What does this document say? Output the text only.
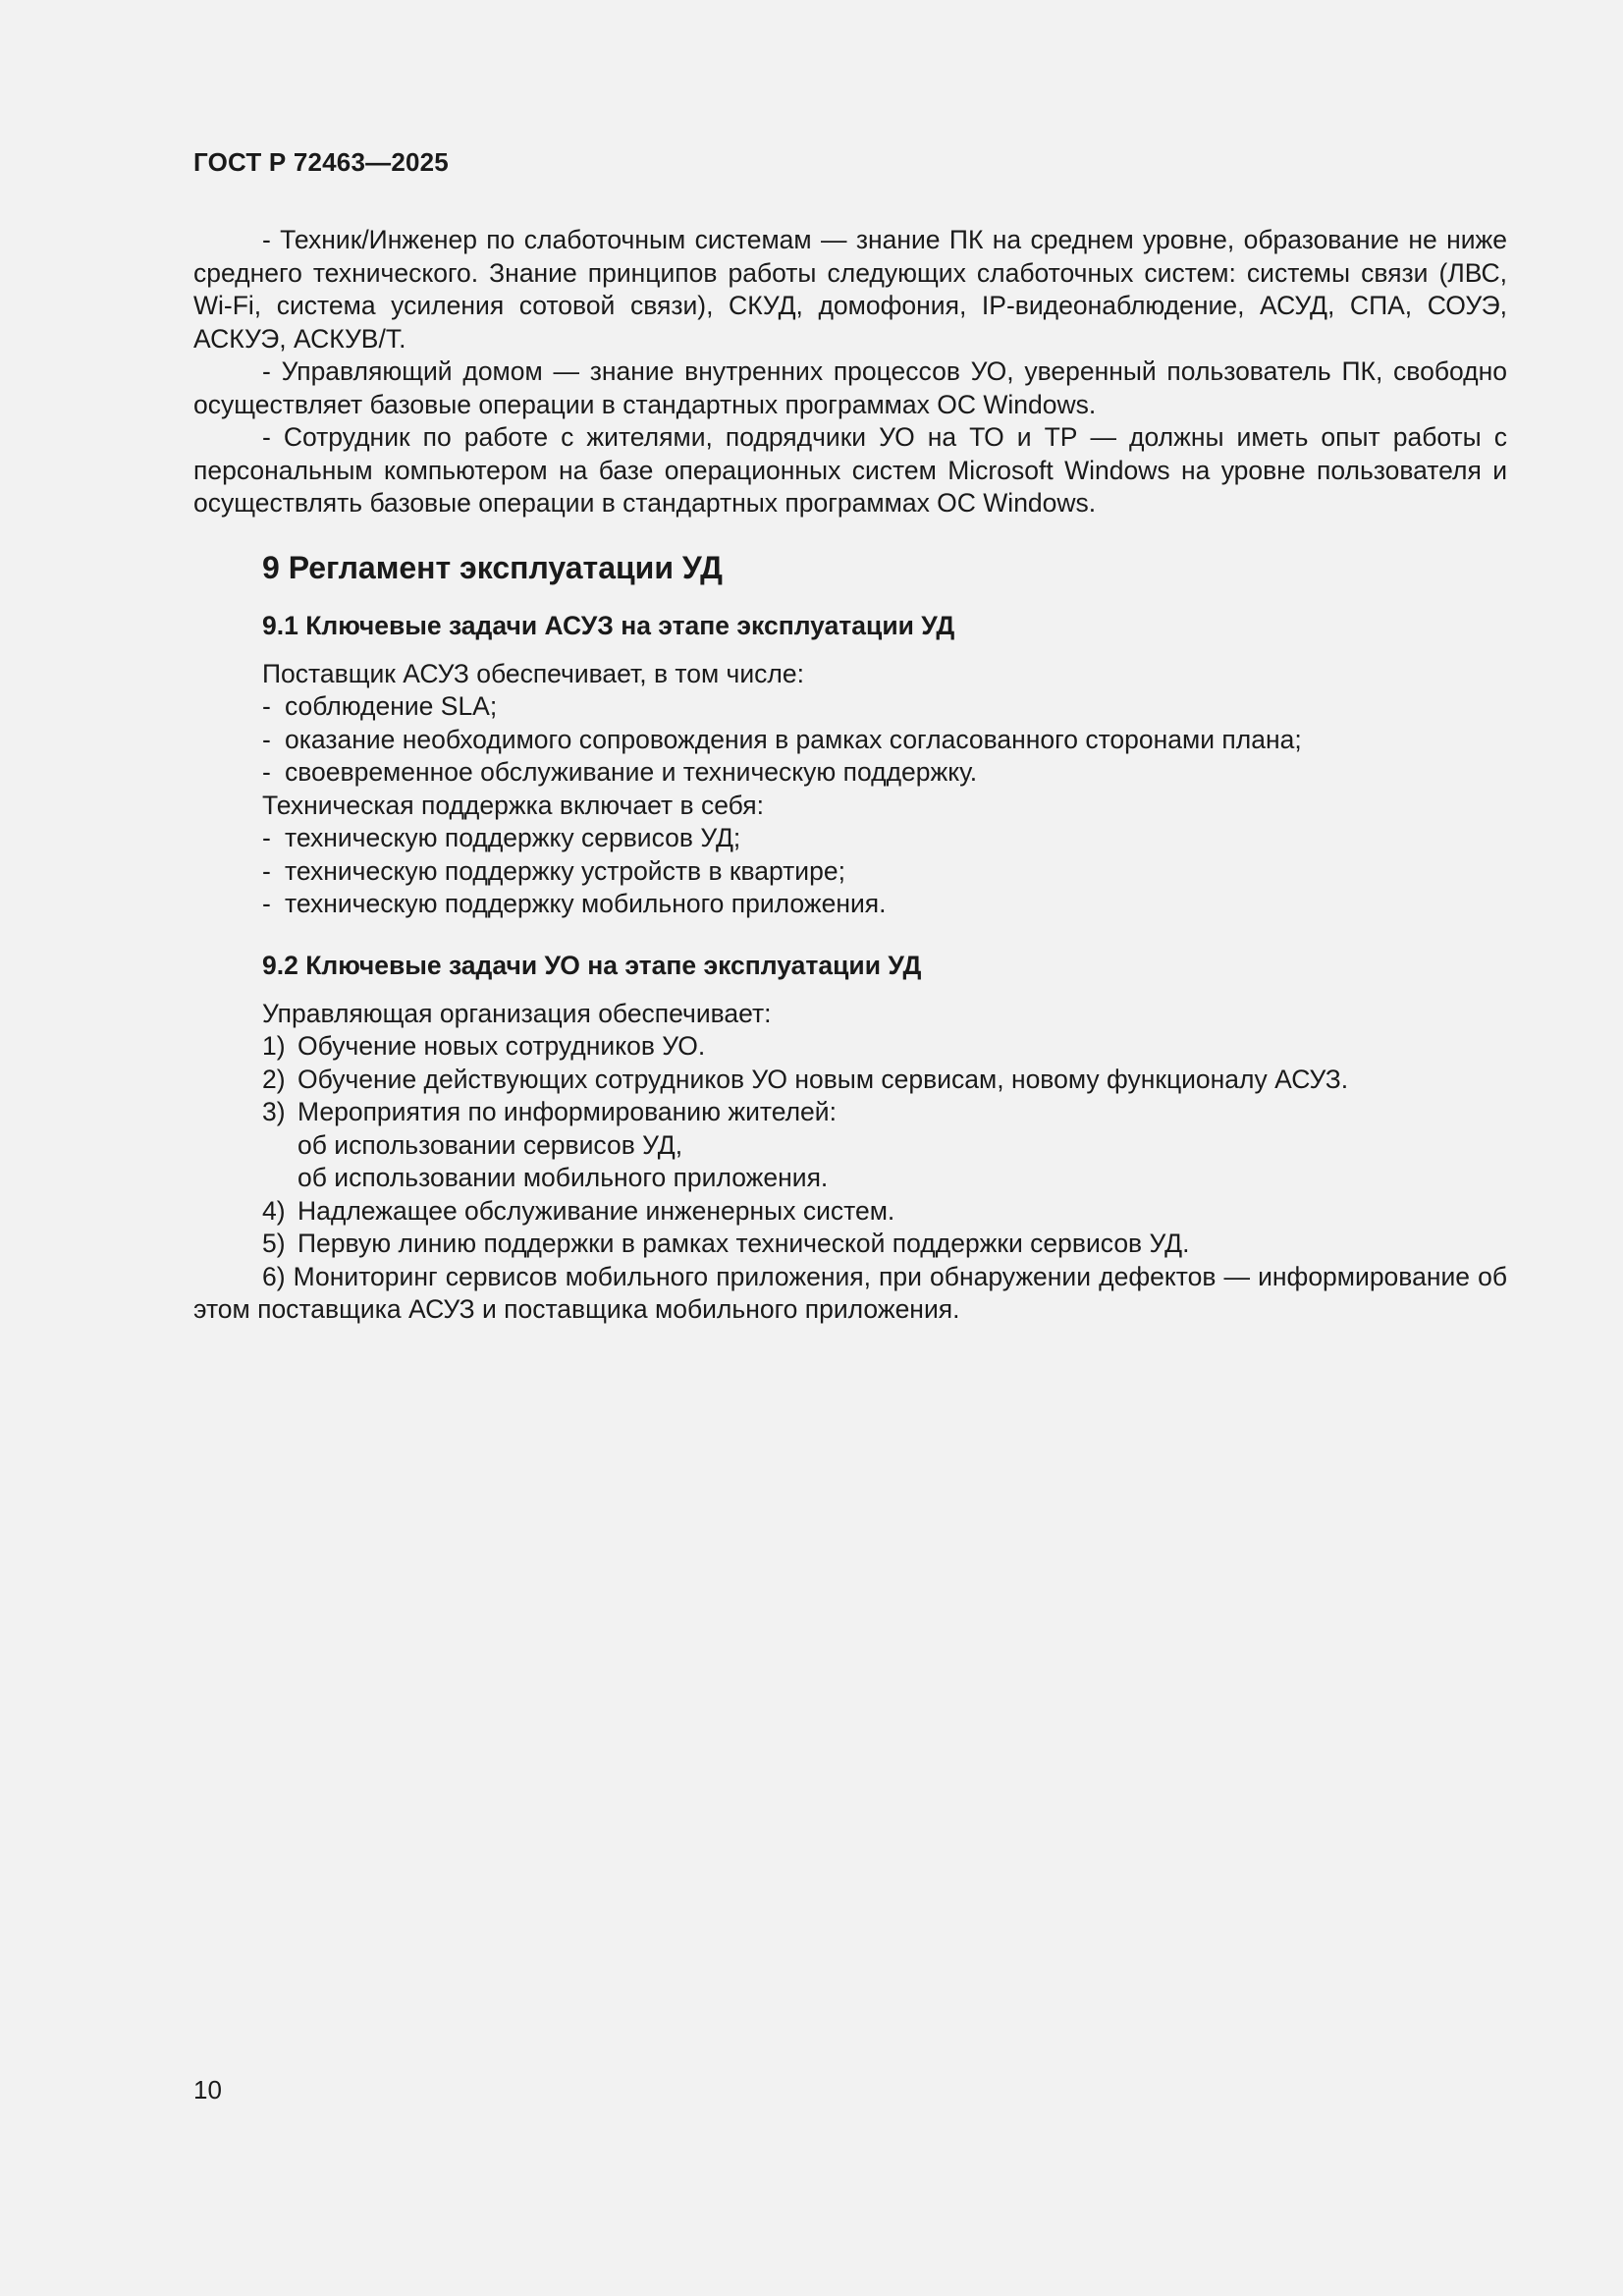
ГОСТ Р 72463—2025

- Техник/Инженер по слаботочным системам — знание ПК на среднем уровне, образование не ниже среднего технического. Знание принципов работы следующих слаботочных систем: системы связи (ЛВС, Wi-Fi, система усиления сотовой связи), СКУД, домофония, IP-видеонаблюдение, АСУД, СПА, СОУЭ, АСКУЭ, АСКУВ/Т.

- Управляющий домом — знание внутренних процессов УО, уверенный пользователь ПК, свободно осуществляет базовые операции в стандартных программах ОС Windows.

- Сотрудник по работе с жителями, подрядчики УО на ТО и ТР — должны иметь опыт работы с персональным компьютером на базе операционных систем Microsoft Windows на уровне пользователя и осуществлять базовые операции в стандартных программах ОС Windows.

9 Регламент эксплуатации УД
9.1 Ключевые задачи АСУЗ на этапе эксплуатации УД

Поставщик АСУЗ обеспечивает, в том числе:

- соблюдение SLA;
- оказание необходимого сопровождения в рамках согласованного сторонами плана;
- своевременное обслуживание и техническую поддержку.

Техническая поддержка включает в себя:

- техническую поддержку сервисов УД;
- техническую поддержку устройств в квартире;
- техническую поддержку мобильного приложения.
9.2 Ключевые задачи УО на этапе эксплуатации УД

Управляющая организация обеспечивает:

1) Обучение новых сотрудников УО.
2) Обучение действующих сотрудников УО новым сервисам, новому функционалу АСУЗ.
3) Мероприятия по информированию жителей:

об использовании сервисов УД,

об использовании мобильного приложения.

4) Надлежащее обслуживание инженерных систем.
5) Первую линию поддержки в рамках технической поддержки сервисов УД.

6) Мониторинг сервисов мобильного приложения, при обнаружении дефектов — информирование об этом поставщика АСУЗ и поставщика мобильного приложения.

10
